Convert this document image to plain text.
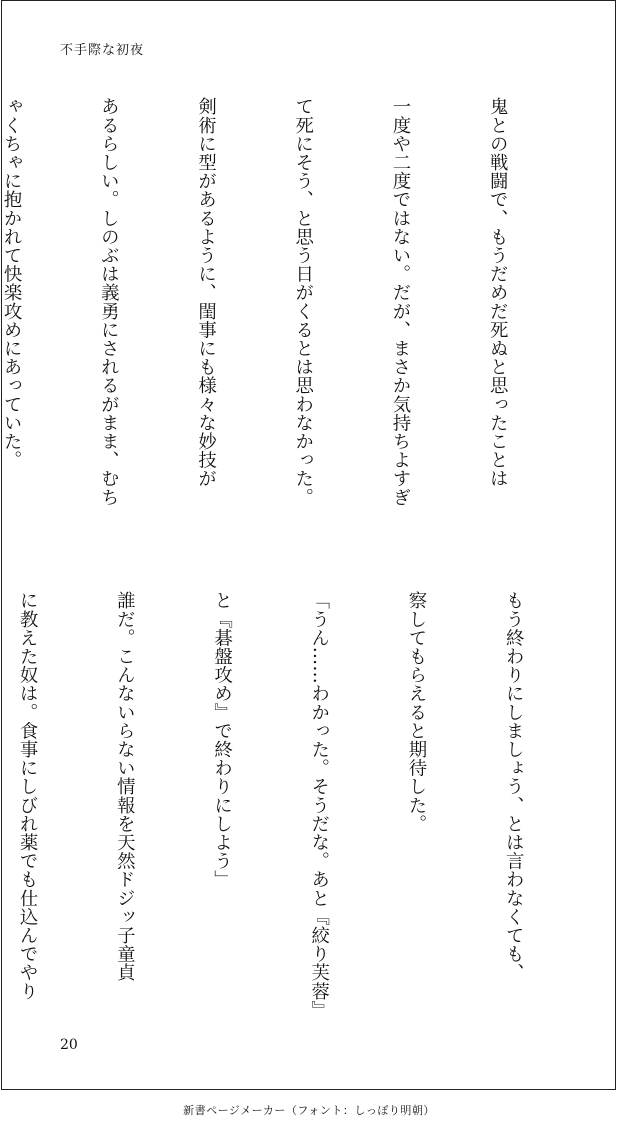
不手際な初夜

鬼との戦闘で、もうだめだ死ぬと思ったことは

一度や二度ではない。だが、まさか気持ちよすぎ

て死にそう、と思う日がくるとは思わなかった。

剣術に型があるように、閨事にも様々な妙技が

あるらしい。しのぶは義勇にされるがまま、むち

ゃくちゃに抱かれて快楽攻めにあっていた。

もう終わりにしましょう、とは言わなくても、

察してもらえると期待した。

「うん……わかった。そうだな。あと『絞り芙蓉』

と『碁盤攻め』で終わりにしよう」

誰だ。こんないらない情報を天然ドジッ子童貞

に教えた奴は。食事にしびれ薬でも仕込んでやり

20
新書ページメーカー（フォント：しっぽり明朝）
